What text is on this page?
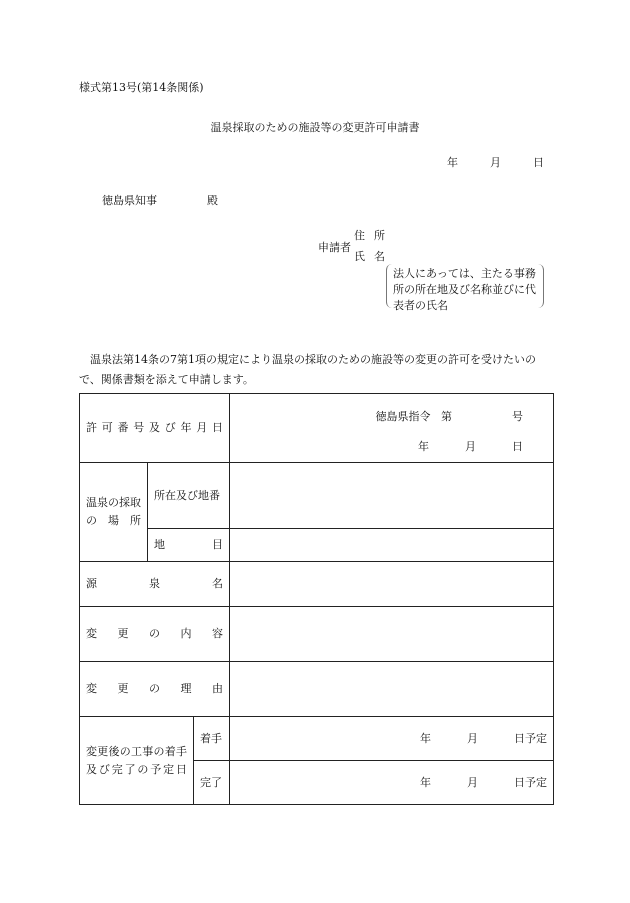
様式第13号(第14条関係)
温泉採取のための施設等の変更許可申請書
年	月	日
徳島県知事	殿
申請者
住所
氏名
法人にあっては、主たる事務所の所在地及び名称並びに代表者の氏名
温泉法第14条の7第1項の規定により温泉の採取のための施設等の変更の許可を受けたいので、関係書類を添えて申請します。
許可番号及び年月日			徳島県指令 第 号
年 月 日

温泉の採取
の場所	所在及び地番		

	地目		

源泉名			

変更の内容			

変更の理由			

変更後の工事の着手
及び完了の予定日		着手	年 月 日予定
		完了	年 月 日予定
